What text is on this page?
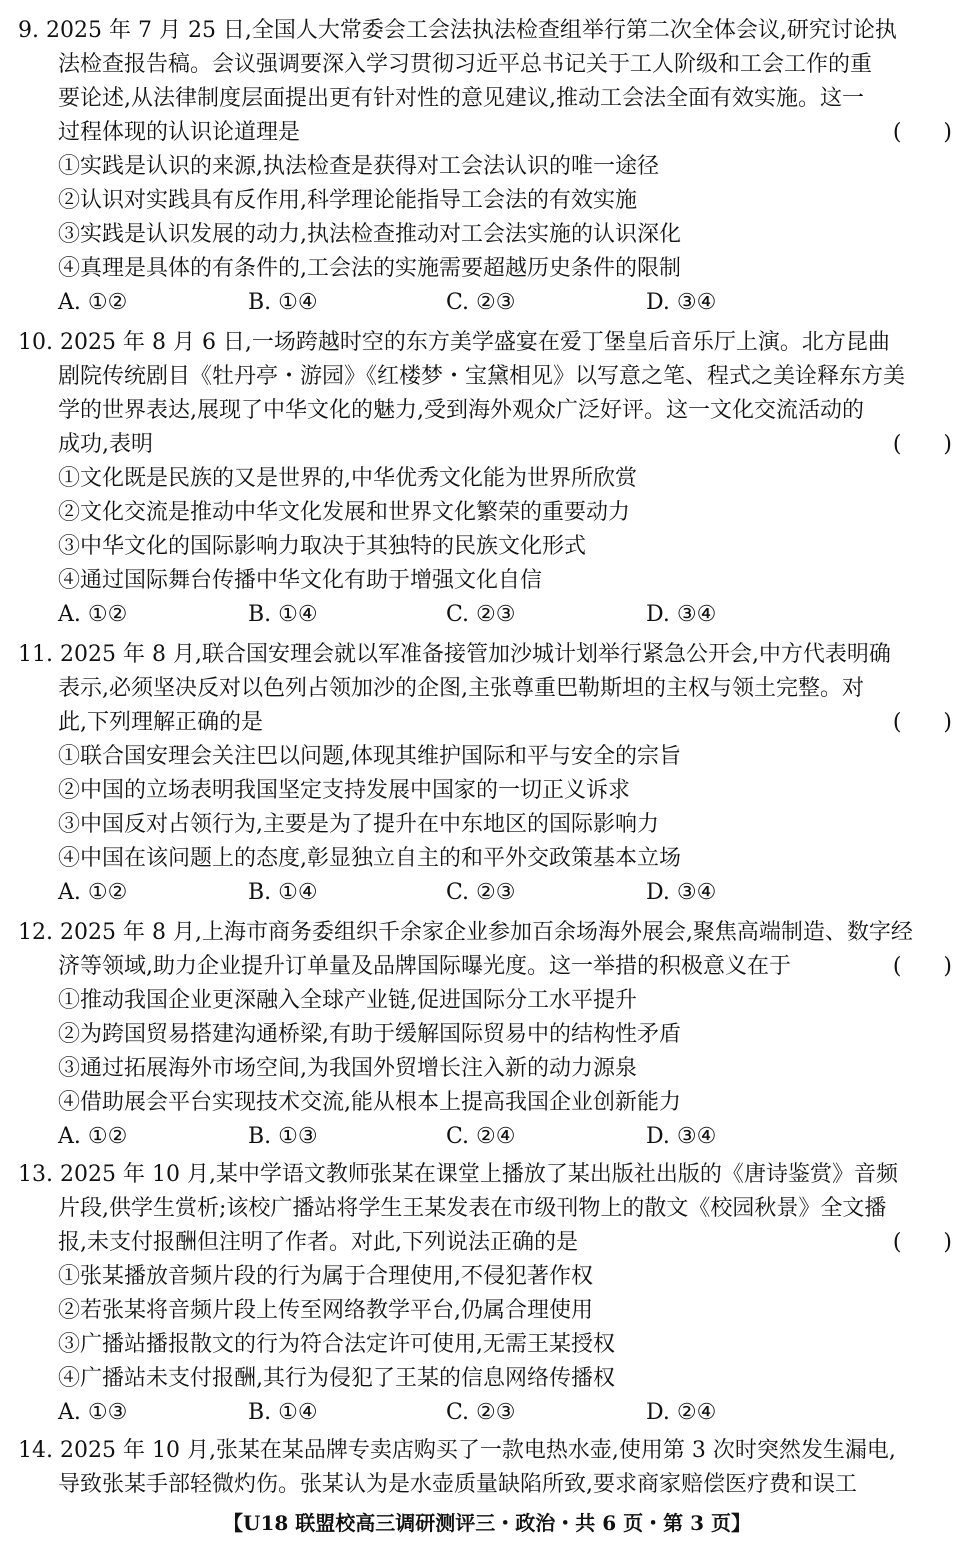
9. 2025 年 7 月 25 日,全国人大常委会工会法执法检查组举行第二次全体会议,研究讨论执
法检查报告稿。会议强调要深入学习贯彻习近平总书记关于工人阶级和工会工作的重
要论述,从法律制度层面提出更有针对性的意见建议,推动工会法全面有效实施。这一
过程体现的认识论道理是	(      )
①实践是认识的来源,执法检查是获得对工会法认识的唯一途径
②认识对实践具有反作用,科学理论能指导工会法的有效实施
③实践是认识发展的动力,执法检查推动对工会法实施的认识深化
④真理是具体的有条件的,工会法的实施需要超越历史条件的限制
A. ①②	B. ①④	C. ②③	D. ③④
10. 2025 年 8 月 6 日,一场跨越时空的东方美学盛宴在爱丁堡皇后音乐厅上演。北方昆曲
剧院传统剧目《牡丹亭・游园》《红楼梦・宝黛相见》以写意之笔、程式之美诠释东方美
学的世界表达,展现了中华文化的魅力,受到海外观众广泛好评。这一文化交流活动的
成功,表明	(      )
①文化既是民族的又是世界的,中华优秀文化能为世界所欣赏
②文化交流是推动中华文化发展和世界文化繁荣的重要动力
③中华文化的国际影响力取决于其独特的民族文化形式
④通过国际舞台传播中华文化有助于增强文化自信
A. ①②	B. ①④	C. ②③	D. ③④
11. 2025 年 8 月,联合国安理会就以军准备接管加沙城计划举行紧急公开会,中方代表明确
表示,必须坚决反对以色列占领加沙的企图,主张尊重巴勒斯坦的主权与领土完整。对
此,下列理解正确的是	(      )
①联合国安理会关注巴以问题,体现其维护国际和平与安全的宗旨
②中国的立场表明我国坚定支持发展中国家的一切正义诉求
③中国反对占领行为,主要是为了提升在中东地区的国际影响力
④中国在该问题上的态度,彰显独立自主的和平外交政策基本立场
A. ①②	B. ①④	C. ②③	D. ③④
12. 2025 年 8 月,上海市商务委组织千余家企业参加百余场海外展会,聚焦高端制造、数字经
济等领域,助力企业提升订单量及品牌国际曝光度。这一举措的积极意义在于	(      )
①推动我国企业更深融入全球产业链,促进国际分工水平提升
②为跨国贸易搭建沟通桥梁,有助于缓解国际贸易中的结构性矛盾
③通过拓展海外市场空间,为我国外贸增长注入新的动力源泉
④借助展会平台实现技术交流,能从根本上提高我国企业创新能力
A. ①②	B. ①③	C. ②④	D. ③④
13. 2025 年 10 月,某中学语文教师张某在课堂上播放了某出版社出版的《唐诗鉴赏》音频
片段,供学生赏析;该校广播站将学生王某发表在市级刊物上的散文《校园秋景》全文播
报,未支付报酬但注明了作者。对此,下列说法正确的是	(      )
①张某播放音频片段的行为属于合理使用,不侵犯著作权
②若张某将音频片段上传至网络教学平台,仍属合理使用
③广播站播报散文的行为符合法定许可使用,无需王某授权
④广播站未支付报酬,其行为侵犯了王某的信息网络传播权
A. ①③	B. ①④	C. ②③	D. ②④
14. 2025 年 10 月,张某在某品牌专卖店购买了一款电热水壶,使用第 3 次时突然发生漏电,
导致张某手部轻微灼伤。张某认为是水壶质量缺陷所致,要求商家赔偿医疗费和误工
【U18 联盟校高三调研测评三・政治・共 6 页・第 3 页】
